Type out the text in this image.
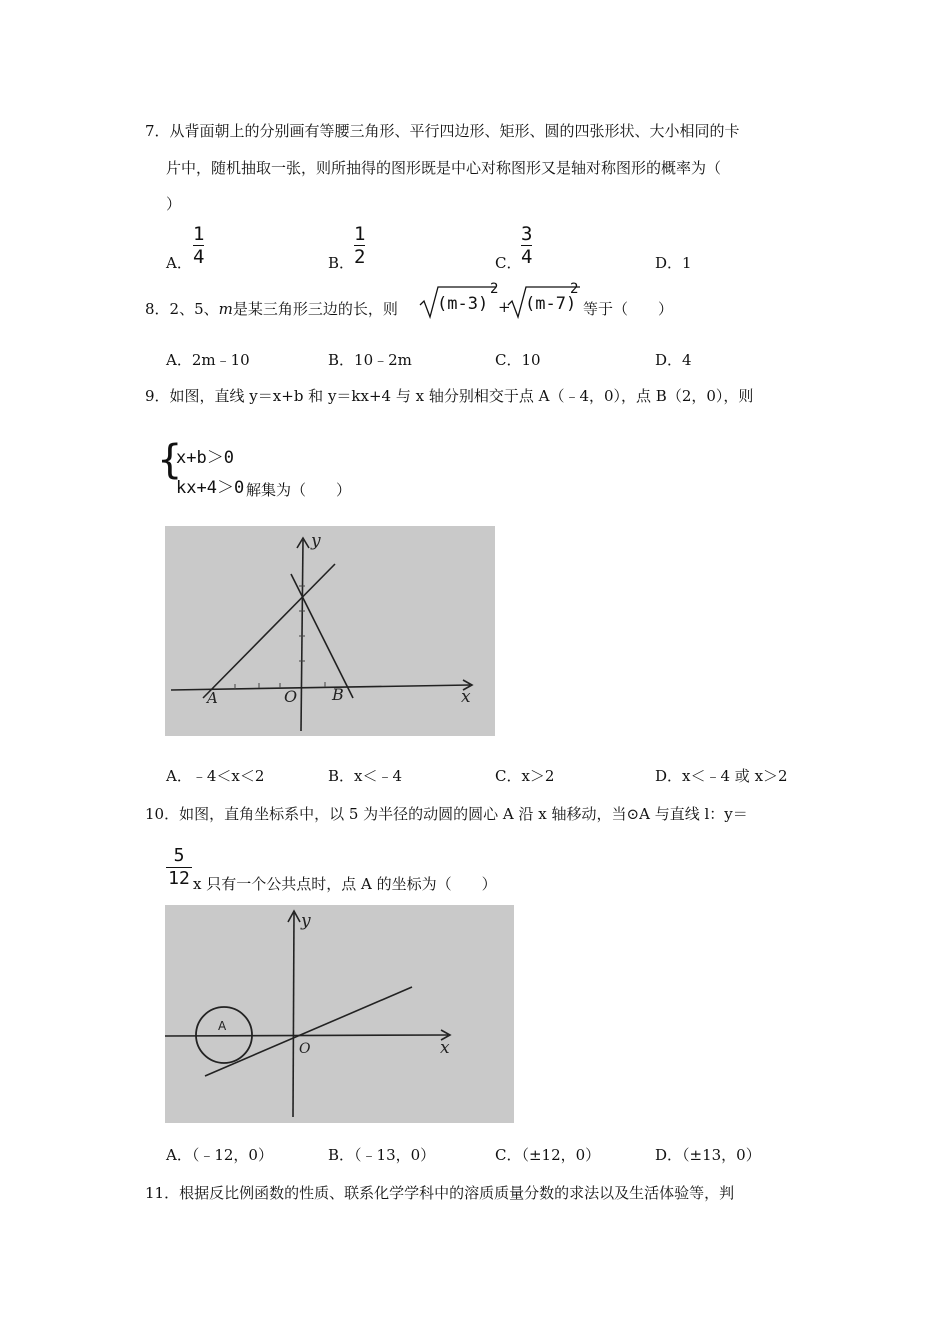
7．从背面朝上的分别画有等腰三角形、平行四边形、矩形、圆的四张形状、大小相同的卡
片中，随机抽取一张，则所抽得的图形既是中心对称图形又是轴对称图形的概率为（
）
A．
1
4	B．
1
2	C．
3
4	D．1
8．2、5、m是某三角形三边的长，则 (m-3)
2
+ (m-7)
2
等于（　　）
A．2m﹣10	B．10﹣2m	C．10	D．4
9．如图，直线 y＝x+b 和 y＝kx+4 与 x 轴分别相交于点 A（﹣4，0），点 B（2，0），则
{
x+b＞0
kx+4＞0 解集为（　　）
y
x
O
A	B
A．﹣4＜x＜2	B．x＜﹣4	C．x＞2	D．x＜﹣4 或 x＞2
10．如图，直角坐标系中，以 5 为半径的动圆的圆心 A 沿 x 轴移动，当⊙A 与直线 l：y＝
5
12 x 只有一个公共点时，点 A 的坐标为（　　）
A
y
x
O
A．（﹣12，0）	B．（﹣13，0）	C．（±12，0）	D．（±13，0）
11．根据反比例函数的性质、联系化学学科中的溶质质量分数的求法以及生活体验等，判
